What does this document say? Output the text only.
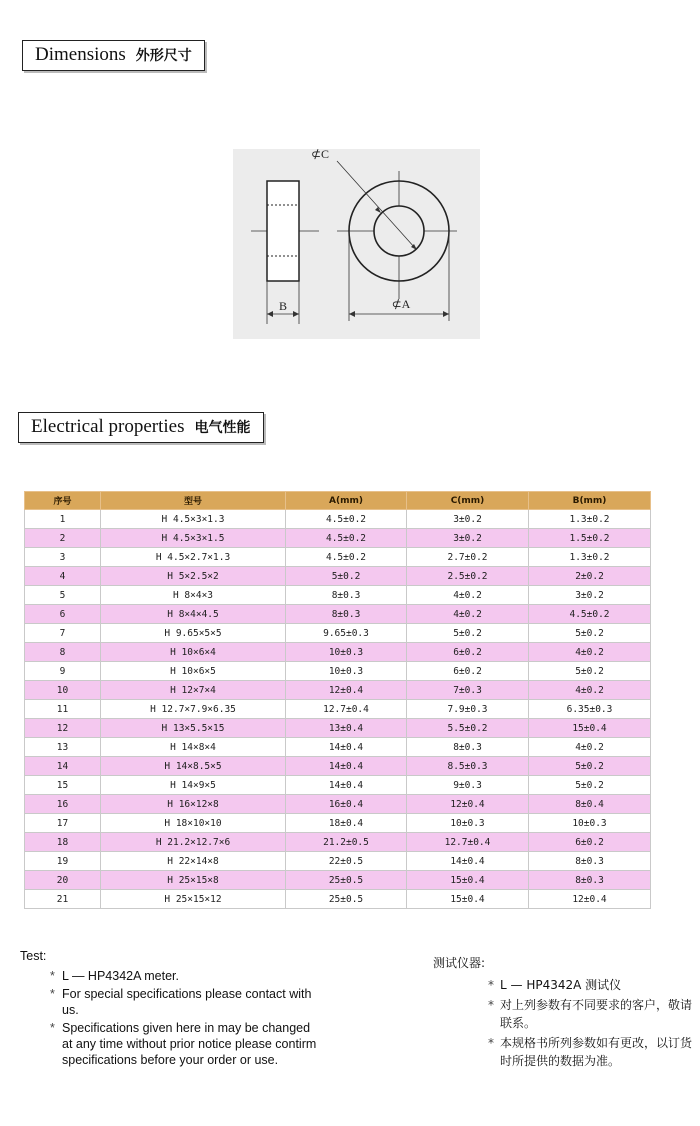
Dimensions 外形尺寸
B
⊄C
⊄A
Electrical properties 电气性能
序号	型号	A(mm)	C(mm)	B(mm)
1	H 4.5×3×1.3	4.5±0.2	3±0.2	1.3±0.2
2	H 4.5×3×1.5	4.5±0.2	3±0.2	1.5±0.2
3	H 4.5×2.7×1.3	4.5±0.2	2.7±0.2	1.3±0.2
4	H 5×2.5×2	5±0.2	2.5±0.2	2±0.2
5	H 8×4×3	8±0.3	4±0.2	3±0.2
6	H 8×4×4.5	8±0.3	4±0.2	4.5±0.2
7	H 9.65×5×5	9.65±0.3	5±0.2	5±0.2
8	H 10×6×4	10±0.3	6±0.2	4±0.2
9	H 10×6×5	10±0.3	6±0.2	5±0.2
10	H 12×7×4	12±0.4	7±0.3	4±0.2
11	H 12.7×7.9×6.35	12.7±0.4	7.9±0.3	6.35±0.3
12	H 13×5.5×15	13±0.4	5.5±0.2	15±0.4
13	H 14×8×4	14±0.4	8±0.3	4±0.2
14	H 14×8.5×5	14±0.4	8.5±0.3	5±0.2
15	H 14×9×5	14±0.4	9±0.3	5±0.2
16	H 16×12×8	16±0.4	12±0.4	8±0.4
17	H 18×10×10	18±0.4	10±0.3	10±0.3
18	H 21.2×12.7×6	21.2±0.5	12.7±0.4	6±0.2
19	H 22×14×8	22±0.5	14±0.4	8±0.3
20	H 25×15×8	25±0.5	15±0.4	8±0.3
21	H 25×15×12	25±0.5	15±0.4	12±0.4
Test:
* L — HP4342A meter.
* For special specifications please contact with us.
* Specifications given here in may be changed at any time without prior notice please contirm specifications before your order or use.
测试仪器:
* L — HP4342A 测试仪
* 对上列参数有不同要求的客户，敬请联系。
* 本规格书所列参数如有更改，以订货时所提供的数据为准。
